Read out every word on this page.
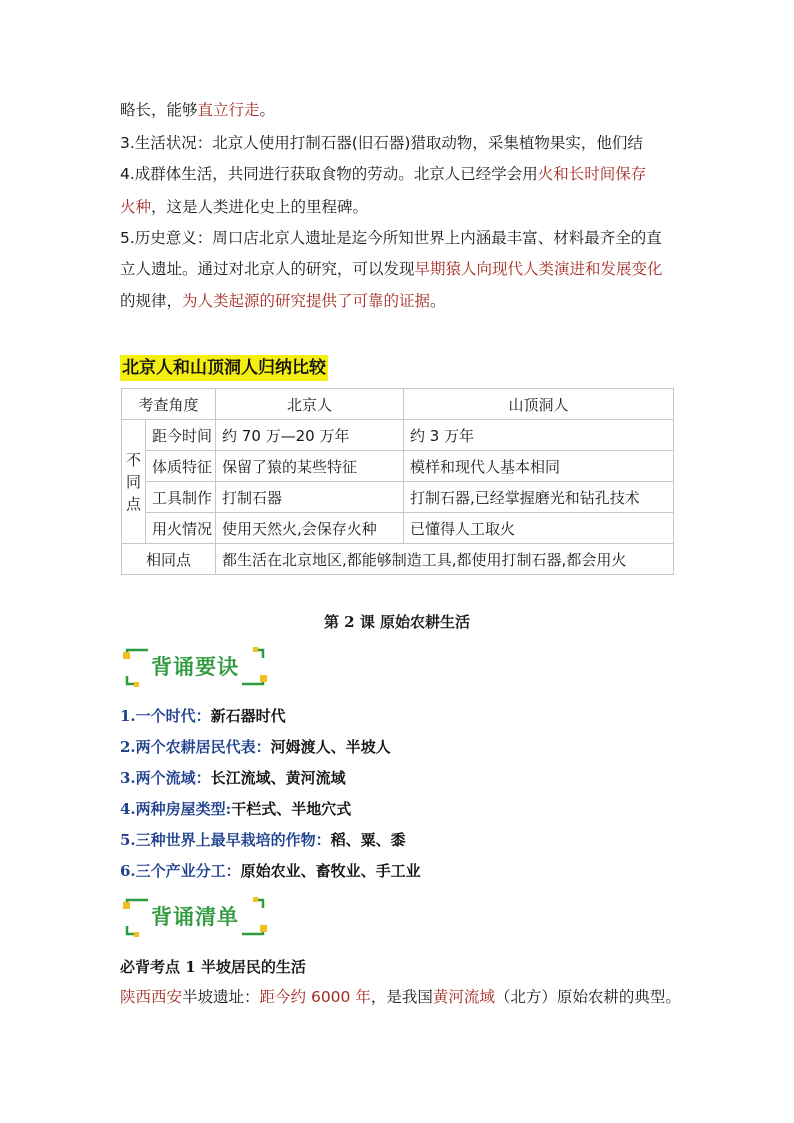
略长，能够直立行走。
3.生活状况：北京人使用打制石器(旧石器)猎取动物，采集植物果实，他们结
4.成群体生活，共同进行获取食物的劳动。北京人已经学会用火和长时间保存
火种，这是人类进化史上的里程碑。
5.历史意义：周口店北京人遗址是迄今所知世界上内涵最丰富、材料最齐全的直
立人遗址。通过对北京人的研究，可以发现早期猿人向现代人类演进和发展变化
的规律，为人类起源的研究提供了可靠的证据。
北京人和山顶洞人归纳比较
考查角度		北京人	山顶洞人
不同点	距今时间	约 70 万—20 万年	约 3 万年
	体质特征	保留了猿的某些特征	模样和现代人基本相同
	工具制作	打制石器	打制石器,已经掌握磨光和钻孔技术
	用火情况	使用天然火,会保存火种	已懂得人工取火
相同点		都生活在北京地区,都能够制造工具,都使用打制石器,都会用火	
第 2 课 原始农耕生活
背诵要诀
1.一个时代：新石器时代
2.两个农耕居民代表：河姆渡人、半坡人
3.两个流域：长江流域、黄河流域
4.两种房屋类型:干栏式、半地穴式
5.三种世界上最早栽培的作物：稻、粟、黍
6.三个产业分工：原始农业、畜牧业、手工业
背诵清单
必背考点 1 半坡居民的生活
陕西西安半坡遗址：距今约 6000 年，是我国黄河流域（北方）原始农耕的典型。
